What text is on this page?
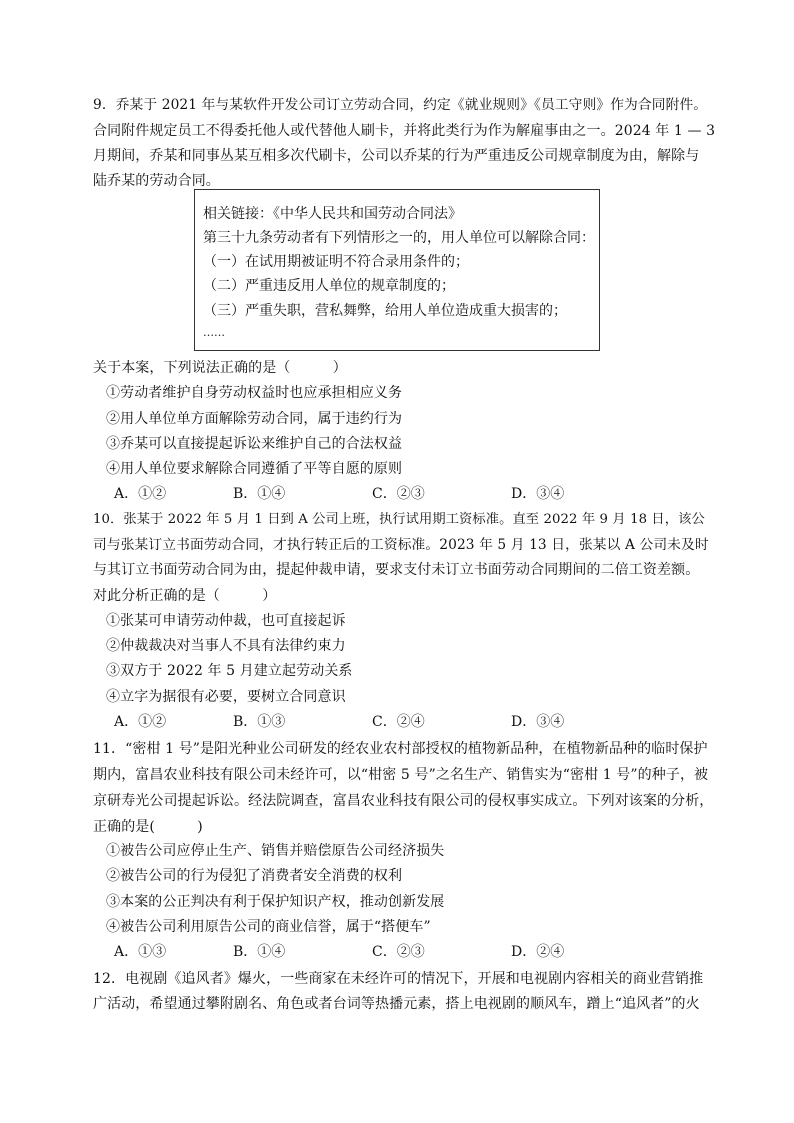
9．乔某于 2021 年与某软件开发公司订立劳动合同，约定《就业规则》《员工守则》作为合同附件。
合同附件规定员工不得委托他人或代替他人刷卡，并将此类行为作为解雇事由之一。2024 年 1 — 3
月期间，乔某和同事丛某互相多次代刷卡，公司以乔某的行为严重违反公司规章制度为由，解除与
陆乔某的劳动合同。
相关链接：《中华人民共和国劳动合同法》
第三十九条劳动者有下列情形之一的，用人单位可以解除合同：
（一）在试用期被证明不符合录用条件的；
（二）严重违反用人单位的规章制度的；
（三）严重失职，营私舞弊，给用人单位造成重大损害的；
……
关于本案，下列说法正确的是（　　　）
①劳动者维护自身劳动权益时也应承担相应义务
②用人单位单方面解除劳动合同，属于违约行为
③乔某可以直接提起诉讼来维护自己的合法权益
④用人单位要求解除合同遵循了平等自愿的原则
A．①②	B．①④	C．②③	D．③④
10．张某于 2022 年 5 月 1 日到 A 公司上班，执行试用期工资标准。直至 2022 年 9 月 18 日，该公
司与张某订立书面劳动合同，才执行转正后的工资标准。2023 年 5 月 13 日，张某以 A 公司未及时
与其订立书面劳动合同为由，提起仲裁申请，要求支付未订立书面劳动合同期间的二倍工资差额。
对此分析正确的是（　　　）
①张某可申请劳动仲裁，也可直接起诉
②仲裁裁决对当事人不具有法律约束力
③双方于 2022 年 5 月建立起劳动关系
④立字为据很有必要，要树立合同意识
A．①②	B．①③	C．②④	D．③④
11．“密柑 1 号”是阳光种业公司研发的经农业农村部授权的植物新品种，在植物新品种的临时保护
期内，富昌农业科技有限公司未经许可，以“柑密 5 号”之名生产、销售实为“密柑 1 号”的种子，被
京研寿光公司提起诉讼。经法院调查，富昌农业科技有限公司的侵权事实成立。下列对该案的分析，
正确的是(　　　)
①被告公司应停止生产、销售并赔偿原告公司经济损失
②被告公司的行为侵犯了消费者安全消费的权利
③本案的公正判决有利于保护知识产权，推动创新发展
④被告公司利用原告公司的商业信誉，属于“搭便车”
A．①③	B．①④	C．②③	D．②④
12．电视剧《追风者》爆火，一些商家在未经许可的情况下，开展和电视剧内容相关的商业营销推
广活动，希望通过攀附剧名、角色或者台词等热播元素，搭上电视剧的顺风车，蹭上“追风者”的火
